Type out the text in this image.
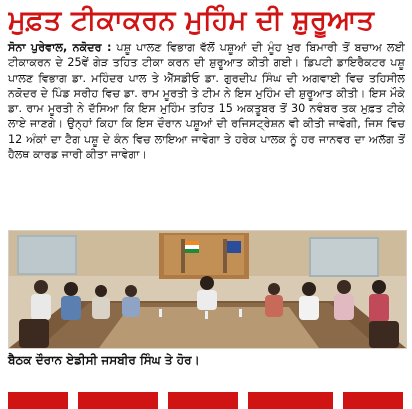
ਮੁਫ਼ਤ ਟੀਕਾਕਰਨ ਮੁਹਿੰਮ ਦੀ ਸ਼ੁਰੂਆਤ
ਸੋਨਾ ਪੁਰੇਵਾਲ, ਨਕੋਦਰ : ਪਸ਼ੂ ਪਾਲਣ ਵਿਭਾਗ ਵੱਲੋਂ ਪਸ਼ੂਆਂ ਦੀ ਮੂੰਹ ਖੁਰ ਬਿਮਾਰੀ ਤੋਂ ਬਚਾਅ ਲਈ ਟੀਕਾਕਰਨ ਦੇ 25ਵੇਂ ਗੇੜ ਤਹਿਤ ਟੀਕਾ ਕਰਨ ਦੀ ਸ਼ੁਰੂਆਤ ਕੀਤੀ ਗਈ। ਡਿਪਟੀ ਡਾਇਰੈਕਟਰ ਪਸ਼ੂ ਪਾਲਣ ਵਿਭਾਗ ਡਾ. ਮਹਿੰਦਰ ਪਾਲ ਤੇ ਐੱਸਡੀਓ ਡਾ. ਗੁਰਦੀਪ ਸਿੰਘ ਦੀ ਅਗਵਾਈ ਵਿਚ ਤਹਿਸੀਲ ਨਕੋਦਰ ਦੇ ਪਿੰਡ ਸਰੀਹ ਵਿਚ ਡਾ. ਰਾਮ ਮੂਰਤੀ ਤੇ ਟੀਮ ਨੇ ਇਸ ਮੁਹਿੰਮ ਦੀ ਸ਼ੁਰੂਆਤ ਕੀਤੀ। ਇਸ ਮੌਕੇ ਡਾ. ਰਾਮ ਮੂਰਤੀ ਨੇ ਦੱਸਿਆ ਕਿ ਇਸ ਮੁਹਿੰਮ ਤਹਿਤ 15 ਅਕਤੂਬਰ ਤੋਂ 30 ਨਵੰਬਰ ਤਕ ਮੁਫ਼ਤ ਟੀਕੇ ਲਾਏ ਜਾਣਗੇ। ਉਨ੍ਹਾਂ ਕਿਹਾ ਕਿ ਇਸ ਦੌਰਾਨ ਪਸ਼ੂਆਂ ਦੀ ਰਜਿਸਟ੍ਰੇਸ਼ਨ ਵੀ ਕੀਤੀ ਜਾਵੇਗੀ, ਜਿਸ ਵਿਚ 12 ਅੰਕਾਂ ਦਾ ਟੈਗ ਪਸ਼ੂ ਦੇ ਕੰਨ ਵਿਚ ਲਾਇਆ ਜਾਵੇਗਾ ਤੇ ਹਰੇਕ ਪਾਲਕ ਨੂੰ ਹਰ ਜਾਨਵਰ ਦਾ ਅਲੱਗ ਤੋਂ ਹੈਲਥ ਕਾਰਡ ਜਾਰੀ ਕੀਤਾ ਜਾਵੇਗਾ।
ਬੈਠਕ ਦੌਰਾਨ ਏਡੀਸੀ ਜਸਬੀਰ ਸਿੰਘ ਤੇ ਹੋਰ।
